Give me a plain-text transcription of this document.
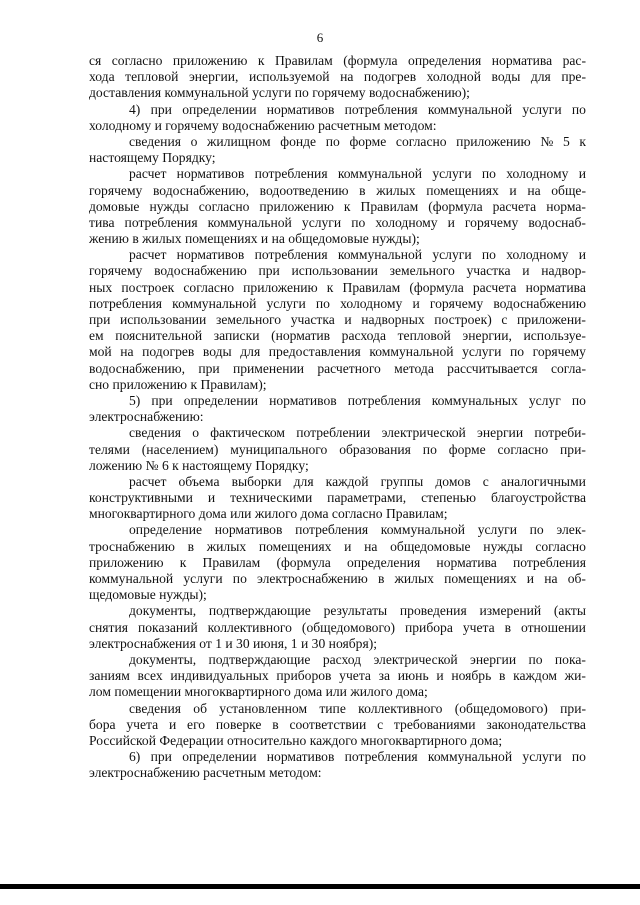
6
ся согласно приложению к Правилам (формула определения норматива рас-
хода тепловой энергии, используемой на подогрев холодной воды для пре-
доставления коммунальной услуги по горячему водоснабжению);
4) при определении нормативов потребления коммунальной услуги по
холодному и горячему водоснабжению расчетным методом:
сведения о жилищном фонде по форме согласно приложению № 5 к
настоящему Порядку;
расчет нормативов потребления коммунальной услуги по холодному и
горячему водоснабжению, водоотведению в жилых помещениях и на обще-
домовые нужды согласно приложению к Правилам (формула расчета норма-
тива потребления коммунальной услуги по холодному и горячему водоснаб-
жению в жилых помещениях и на общедомовые нужды);
расчет нормативов потребления коммунальной услуги по холодному и
горячему водоснабжению при использовании земельного участка и надвор-
ных построек согласно приложению к Правилам (формула расчета норматива
потребления коммунальной услуги по холодному и горячему водоснабжению
при использовании земельного участка и надворных построек) с приложени-
ем пояснительной записки (норматив расхода тепловой энергии, используе-
мой на подогрев воды для предоставления коммунальной услуги по горячему
водоснабжению, при применении расчетного метода рассчитывается согла-
сно приложению к Правилам);
5) при определении нормативов потребления коммунальных услуг по
электроснабжению:
сведения о фактическом потреблении электрической энергии потреби-
телями (населением) муниципального образования по форме согласно при-
ложению № 6 к настоящему Порядку;
расчет объема выборки для каждой группы домов с аналогичными
конструктивными и техническими параметрами, степенью благоустройства
многоквартирного дома или жилого дома согласно Правилам;
определение нормативов потребления коммунальной услуги по элек-
троснабжению в жилых помещениях и на общедомовые нужды согласно
приложению к Правилам (формула определения норматива потребления
коммунальной услуги по электроснабжению в жилых помещениях и на об-
щедомовые нужды);
документы, подтверждающие результаты проведения измерений (акты
снятия показаний коллективного (общедомового) прибора учета в отношении
электроснабжения от 1 и 30 июня, 1 и 30 ноября);
документы, подтверждающие расход электрической энергии по пока-
заниям всех индивидуальных приборов учета за июнь и ноябрь в каждом жи-
лом помещении многоквартирного дома или жилого дома;
сведения об установленном типе коллективного (общедомового) при-
бора учета и его поверке в соответствии с требованиями законодательства
Российской Федерации относительно каждого многоквартирного дома;
6) при определении нормативов потребления коммунальной услуги по
электроснабжению расчетным методом:
